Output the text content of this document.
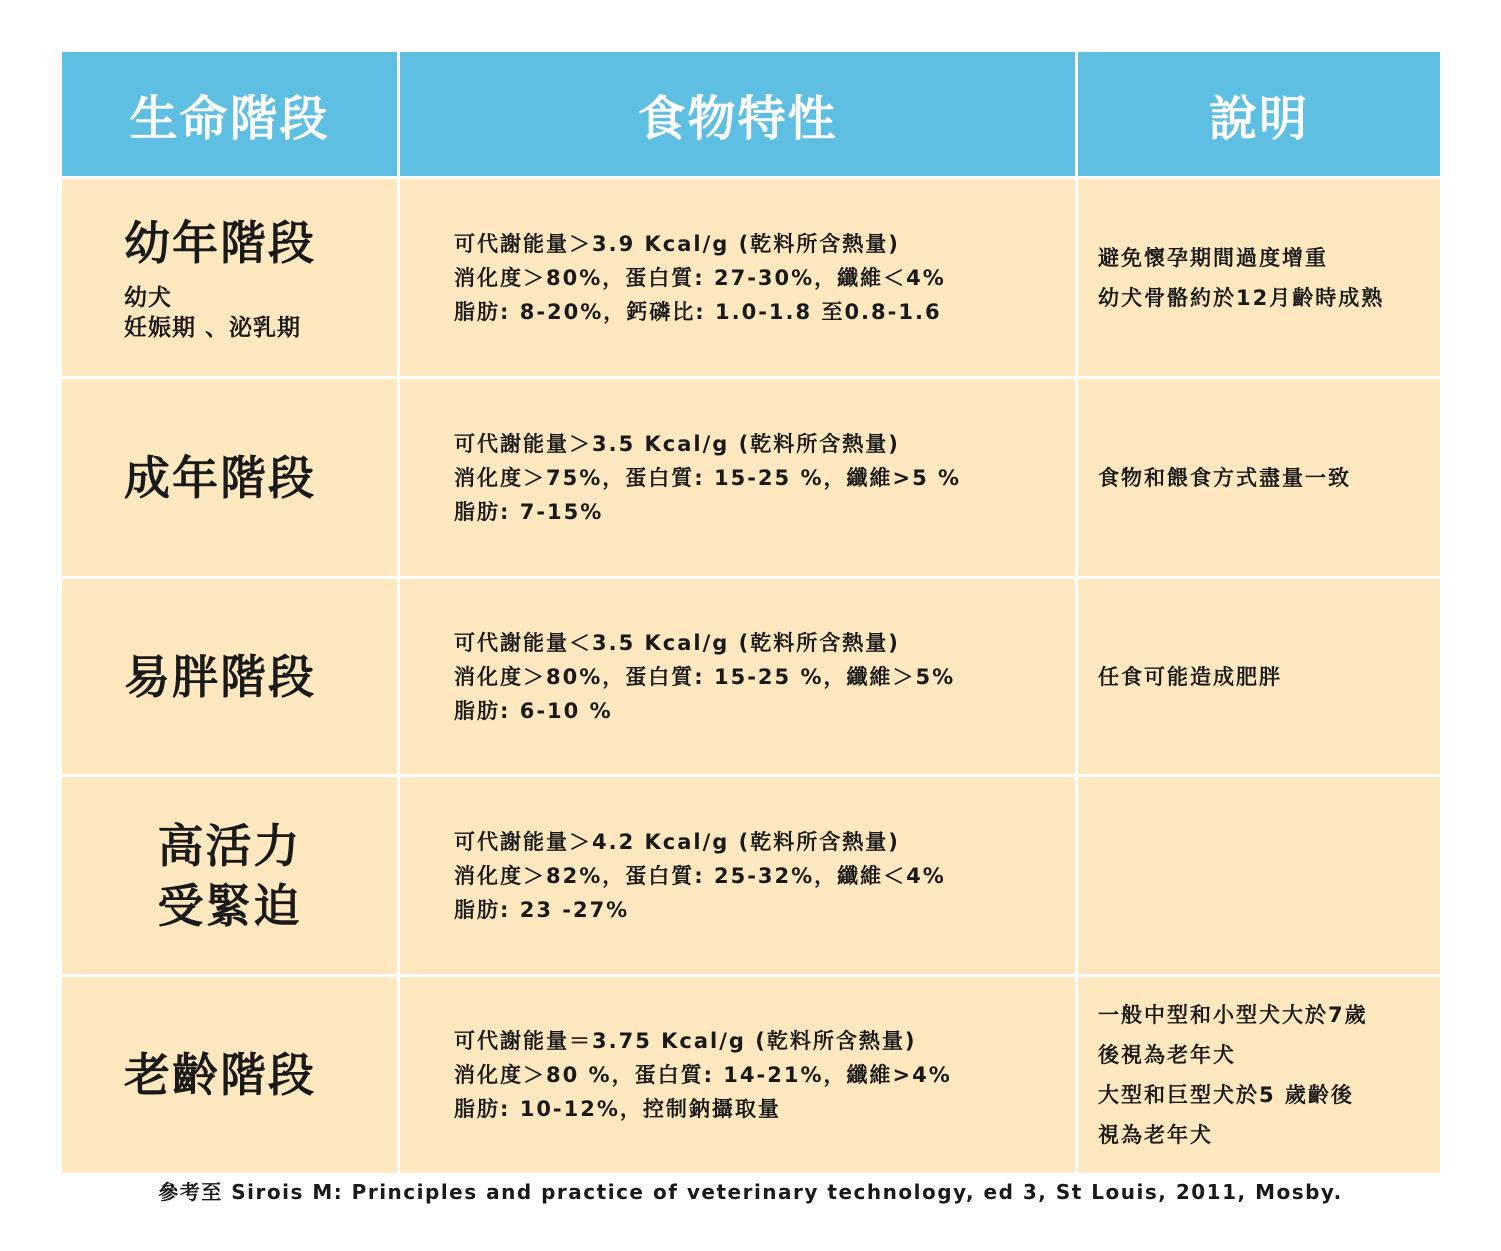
生命階段	食物特性	說明
幼年階段
幼犬
妊娠期 、泌乳期
可代謝能量＞3.9 Kcal/g (乾料所含熱量)
消化度＞80%，蛋白質: 27-30%，纖維＜4%
脂肪: 8-20%，鈣磷比: 1.0-1.8 至0.8-1.6
避免懷孕期間過度增重
幼犬骨骼約於12月齡時成熟
成年階段
可代謝能量＞3.5 Kcal/g (乾料所含熱量)
消化度＞75%，蛋白質: 15-25 %，纖維>5 %
脂肪: 7-15%
食物和餵食方式盡量一致
易胖階段
可代謝能量＜3.5 Kcal/g (乾料所含熱量)
消化度＞80%，蛋白質: 15-25 %，纖維＞5%
脂肪: 6-10 %
任食可能造成肥胖
高活力
受緊迫
可代謝能量＞4.2 Kcal/g (乾料所含熱量)
消化度＞82%，蛋白質: 25-32%，纖維＜4%
脂肪: 23 -27%
老齡階段
可代謝能量＝3.75 Kcal/g (乾料所含熱量)
消化度＞80 %，蛋白質: 14-21%，纖維>4%
脂肪: 10-12%，控制鈉攝取量
一般中型和小型犬大於7歲
後視為老年犬
大型和巨型犬於5 歲齡後
視為老年犬
參考至 Sirois M: Principles and practice of veterinary technology, ed 3, St Louis, 2011, Mosby.
